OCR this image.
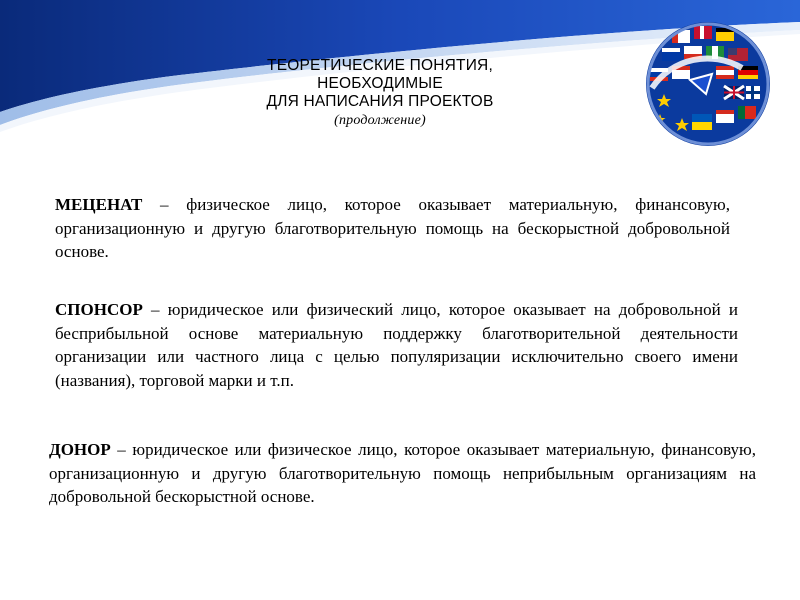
ТЕОРЕТИЧЕСКИЕ ПОНЯТИЯ,
НЕОБХОДИМЫЕ
ДЛЯ НАПИСАНИЯ ПРОЕКТОВ
(продолжение)
МЕЦЕНАТ – физическое лицо, которое оказывает материальную, финансовую, организационную и другую благотворительную помощь на бескорыстной добровольной основе.
СПОНСОР – юридическое или физический лицо, которое оказывает на добровольной и бесприбыльной основе материальную поддержку благотворительной деятельности организации или частного лица с целью популяризации исключительно своего имени (названия), торговой марки и т.п.
ДОНОР – юридическое или физическое лицо, которое оказывает материальную, финансовую, организационную и другую благотворительную помощь неприбыльным организациям на добровольной бескорыстной основе.
